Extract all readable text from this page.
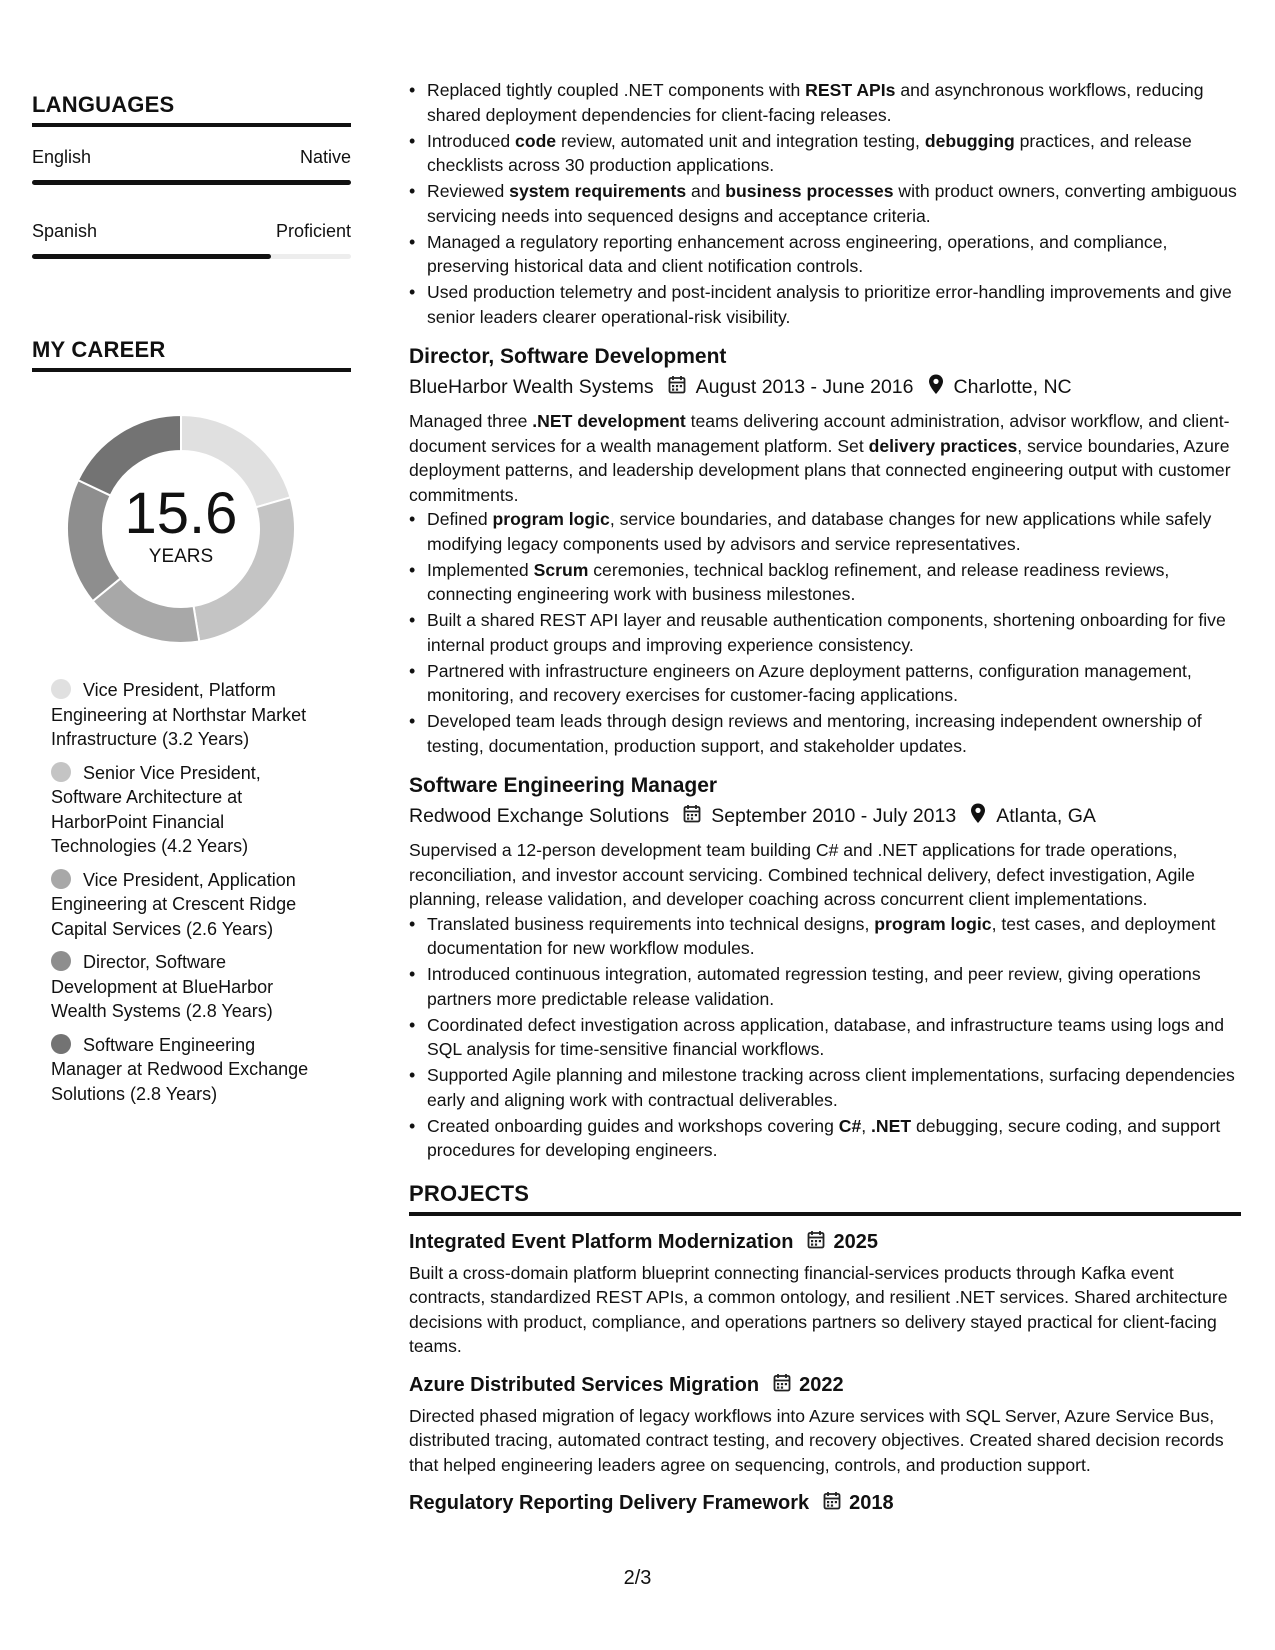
LANGUAGES
English	Native
Spanish	Proficient
MY CAREER
15.6
YEARS
Vice President, Platform Engineering at Northstar Market Infrastructure (3.2 Years)
Senior Vice President, Software Architecture at HarborPoint Financial Technologies (4.2 Years)
Vice President, Application Engineering at Crescent Ridge Capital Services (2.6 Years)
Director, Software Development at BlueHarbor Wealth Systems (2.8 Years)
Software Engineering Manager at Redwood Exchange Solutions (2.8 Years)
• Replaced tightly coupled .NET components with REST APIs and asynchronous workflows, reducing shared deployment dependencies for client-facing releases.
• Introduced code review, automated unit and integration testing, debugging practices, and release checklists across 30 production applications.
• Reviewed system requirements and business processes with product owners, converting ambiguous servicing needs into sequenced designs and acceptance criteria.
• Managed a regulatory reporting enhancement across engineering, operations, and compliance, preserving historical data and client notification controls.
• Used production telemetry and post-incident analysis to prioritize error-handling improvements and give senior leaders clearer operational-risk visibility.
Director, Software Development
BlueHarbor Wealth Systems August 2013 - June 2016 Charlotte, NC
Managed three .NET development teams delivering account administration, advisor workflow, and client-document services for a wealth management platform. Set delivery practices, service boundaries, Azure deployment patterns, and leadership development plans that connected engineering output with customer commitments.
• Defined program logic, service boundaries, and database changes for new applications while safely modifying legacy components used by advisors and service representatives.
• Implemented Scrum ceremonies, technical backlog refinement, and release readiness reviews, connecting engineering work with business milestones.
• Built a shared REST API layer and reusable authentication components, shortening onboarding for five internal product groups and improving experience consistency.
• Partnered with infrastructure engineers on Azure deployment patterns, configuration management, monitoring, and recovery exercises for customer-facing applications.
• Developed team leads through design reviews and mentoring, increasing independent ownership of testing, documentation, production support, and stakeholder updates.
Software Engineering Manager
Redwood Exchange Solutions September 2010 - July 2013 Atlanta, GA
Supervised a 12-person development team building C# and .NET applications for trade operations, reconciliation, and investor account servicing. Combined technical delivery, defect investigation, Agile planning, release validation, and developer coaching across concurrent client implementations.
• Translated business requirements into technical designs, program logic, test cases, and deployment documentation for new workflow modules.
• Introduced continuous integration, automated regression testing, and peer review, giving operations partners more predictable release validation.
• Coordinated defect investigation across application, database, and infrastructure teams using logs and SQL analysis for time-sensitive financial workflows.
• Supported Agile planning and milestone tracking across client implementations, surfacing dependencies early and aligning work with contractual deliverables.
• Created onboarding guides and workshops covering C#, .NET debugging, secure coding, and support procedures for developing engineers.
PROJECTS
Integrated Event Platform Modernization 2025
Built a cross-domain platform blueprint connecting financial-services products through Kafka event contracts, standardized REST APIs, a common ontology, and resilient .NET services. Shared architecture decisions with product, compliance, and operations partners so delivery stayed practical for client-facing teams.
Azure Distributed Services Migration 2022
Directed phased migration of legacy workflows into Azure services with SQL Server, Azure Service Bus, distributed tracing, automated contract testing, and recovery objectives. Created shared decision records that helped engineering leaders agree on sequencing, controls, and production support.
Regulatory Reporting Delivery Framework 2018
2/3
